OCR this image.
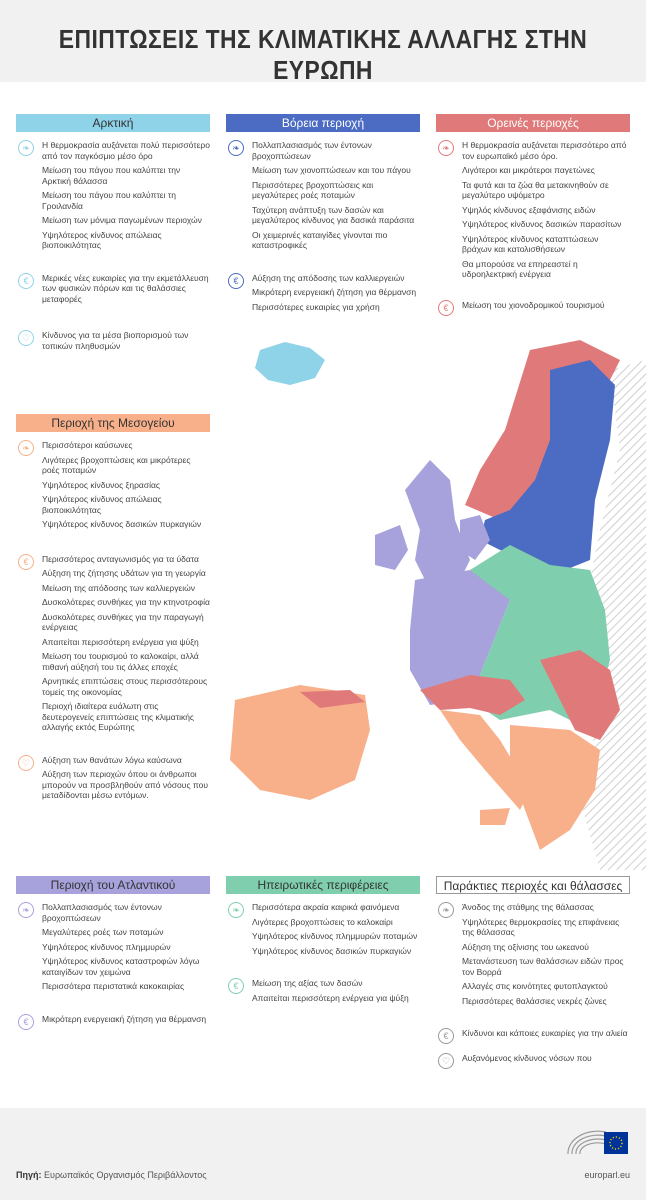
ΕΠΙΠΤΩΣΕΙΣ ΤΗΣ ΚΛΙΜΑΤΙΚΗΣ ΑΛΛΑΓΗΣ ΣΤΗΝ ΕΥΡΩΠΗ
Αρκτική
❧	Η θερμοκρασία αυξάνεται πολύ περισσότερο από τον παγκόσμιο μέσο όρο
Μείωση του πάγου που καλύπτει την Αρκτική θάλασσα
Μείωση του πάγου που καλύπτει τη Γροιλανδία
Μείωση των μόνιμα παγωμένων περιοχών
Υψηλότερος κίνδυνος απώλειας βιοποικιλότητας
€	Μερικές νέες ευκαιρίες για την εκμετάλλευση των φυσικών πόρων και τις θαλάσσιες μεταφορές
♡	Κίνδυνος για τα μέσα βιοπορισμού των τοπικών πληθυσμών
Βόρεια περιοχή
❧	Πολλαπλασιασμός των έντονων βροχοπτώσεων
Μείωση των χιονοπτώσεων και του πάγου
Περισσότερες βροχοπτώσεις και μεγαλύτερες ροές ποταμών
Ταχύτερη ανάπτυξη των δασών και μεγαλύτερος κίνδυνος για δασικά παράσιτα
Οι χειμερινές καταιγίδες γίνονται πιο καταστροφικές
€	Αύξηση της απόδοσης των καλλιεργειών
Μικρότερη ενεργειακή ζήτηση για θέρμανση
Περισσότερες ευκαιρίες για χρήση
Ορεινές περιοχές
❧	Η θερμοκρασία αυξάνεται περισσότερο από τον ευρωπαϊκό μέσο όρο.
Λιγότεροι και μικρότεροι παγετώνες
Τα φυτά και τα ζώα θα μετακινηθούν σε μεγαλύτερο υψόμετρο
Υψηλός κίνδυνος εξαφάνισης ειδών
Υψηλότερος κίνδυνος δασικών παρασίτων
Υψηλότερος κίνδυνος καταπτώσεων βράχων και κατολισθήσεων
Θα μπορούσε να επηρεαστεί η υδροηλεκτρική ενέργεια
€	Μείωση του χιονοδρομικού τουρισμού
Περιοχή της Μεσογείου
❧	Περισσότεροι καύσωνες
Λιγότερες βροχοπτώσεις και μικρότερες ροές ποταμών
Υψηλότερος κίνδυνος ξηρασίας
Υψηλότερος κίνδυνος απώλειας βιοποικιλότητας
Υψηλότερος κίνδυνος δασικών πυρκαγιών
€	Περισσότερος ανταγωνισμός για τα ύδατα
Αύξηση της ζήτησης υδάτων για τη γεωργία
Μείωση της απόδοσης των καλλιεργειών
Δυσκολότερες συνθήκες για την κτηνοτροφία
Δυσκολότερες συνθήκες για την παραγωγή ενέργειας
Απαιτείται περισσότερη ενέργεια για ψύξη
Μείωση του τουρισμού το καλοκαίρι, αλλά πιθανή αύξησή του τις άλλες εποχές
Αρνητικές επιπτώσεις στους περισσότερους τομείς της οικονομίας
Περιοχή ιδιαίτερα ευάλωτη στις δευτερογενείς επιπτώσεις της κλιματικής αλλαγής εκτός Ευρώπης
♡	Αύξηση των θανάτων λόγω καύσωνα
Αύξηση των περιοχών όπου οι άνθρωποι μπορούν να προσβληθούν από νόσους που μεταδίδονται μέσω εντόμων.
Περιοχή του Ατλαντικού
❧	Πολλαπλασιασμός των έντονων βροχοπτώσεων
Μεγαλύτερες ροές των ποταμών
Υψηλότερος κίνδυνος πλημμυρών
Υψηλότερος κίνδυνος καταστροφών λόγω καταιγίδων τον χειμώνα
Περισσότερα περιστατικά κακοκαιρίας
€	Μικρότερη ενεργειακή ζήτηση για θέρμανση
Ηπειρωτικές περιφέρειες
❧	Περισσότερα ακραία καιρικά φαινόμενα
Λιγότερες βροχοπτώσεις το καλοκαίρι
Υψηλότερος κίνδυνος πλημμυρών ποταμών
Υψηλότερος κίνδυνος δασικών πυρκαγιών
€	Μείωση της αξίας των δασών
Απαιτείται περισσότερη ενέργεια για ψύξη
Παράκτιες περιοχές και θάλασσες
❧	Άνοδος της στάθμης της θάλασσας
Υψηλότερες θερμοκρασίες της επιφάνειας της θάλασσας
Αύξηση της οξίνισης του ωκεανού
Μετανάστευση των θαλάσσιων ειδών προς τον Βορρά
Αλλαγές στις κοινότητες φυτοπλαγκτού
Περισσότερες θαλάσσιες νεκρές ζώνες
€	Κίνδυνοι και κάποιες ευκαιρίες για την αλιεία
♡	Αυξανόμενος κίνδυνος νόσων που
Πηγή: Ευρωπαϊκός Οργανισμός Περιβάλλοντος	europarl.eu
